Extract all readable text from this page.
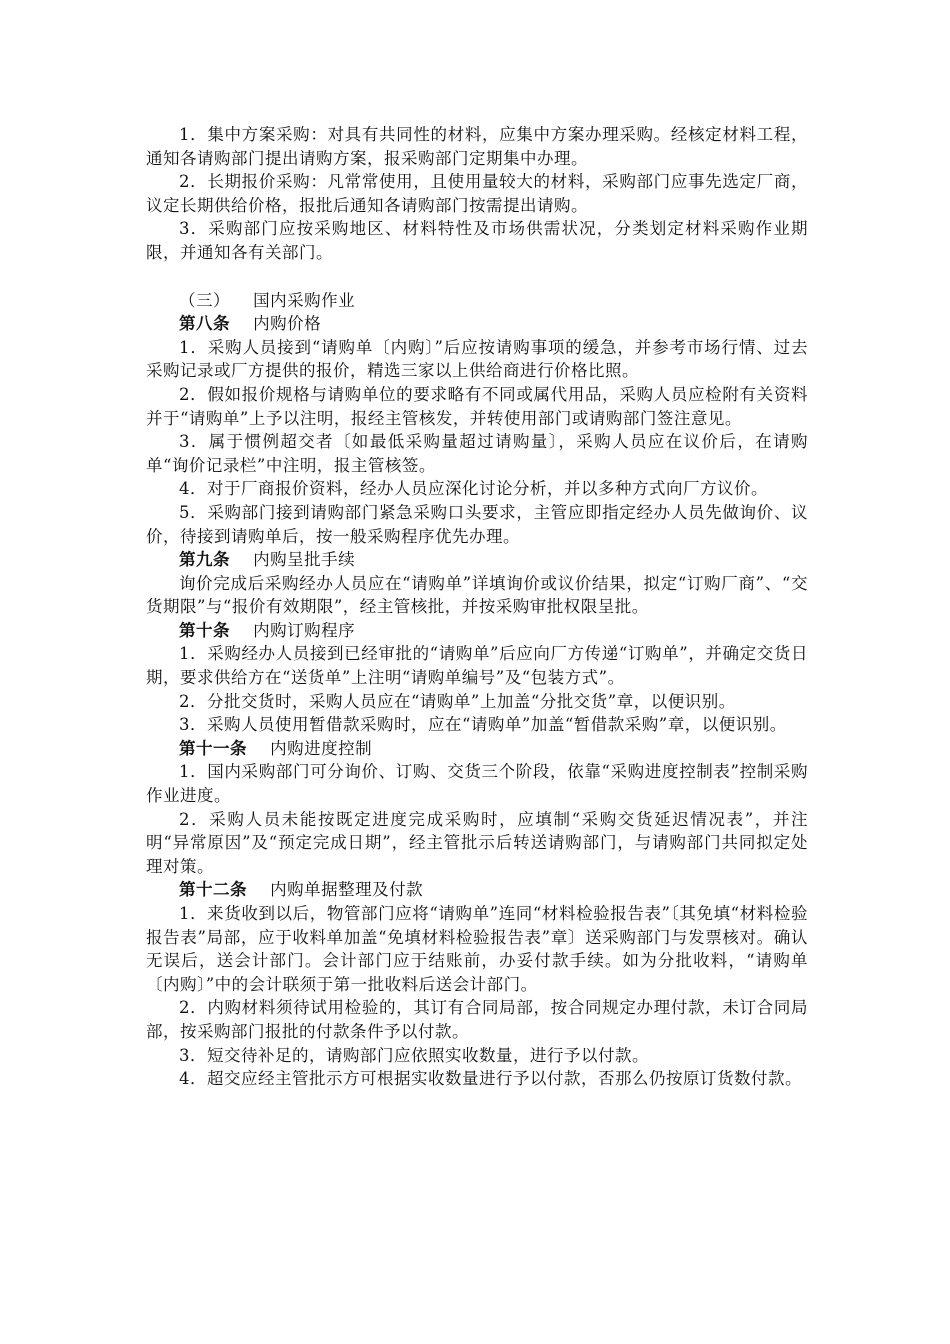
1．集中方案采购：对具有共同性的材料，应集中方案办理采购。经核定材料工程，通知各请购部门提出请购方案，报采购部门定期集中办理。

2．长期报价采购：凡常常使用，且使用量较大的材料，采购部门应事先选定厂商，议定长期供给价格，报批后通知各请购部门按需提出请购。

3．采购部门应按采购地区、材料特性及市场供需状况，分类划定材料采购作业期限，并通知各有关部门。

（三） 国内采购作业

第八条 内购价格

1．采购人员接到“请购单〔内购〕”后应按请购事项的缓急，并参考市场行情、过去采购记录或厂方提供的报价，精选三家以上供给商进行价格比照。

2．假如报价规格与请购单位的要求略有不同或属代用品，采购人员应检附有关资料并于“请购单”上予以注明，报经主管核发，并转使用部门或请购部门签注意见。

3．属于惯例超交者〔如最低采购量超过请购量〕，采购人员应在议价后，在请购单“询价记录栏”中注明，报主管核签。

4．对于厂商报价资料，经办人员应深化讨论分析，并以多种方式向厂方议价。

5．采购部门接到请购部门紧急采购口头要求，主管应即指定经办人员先做询价、议价，待接到请购单后，按一般采购程序优先办理。

第九条 内购呈批手续

询价完成后采购经办人员应在“请购单”详填询价或议价结果，拟定“订购厂商”、“交货期限”与“报价有效期限”，经主管核批，并按采购审批权限呈批。

第十条 内购订购程序

1．采购经办人员接到已经审批的“请购单”后应向厂方传递“订购单”，并确定交货日期，要求供给方在“送货单”上注明“请购单编号”及“包装方式”。

2．分批交货时，采购人员应在“请购单”上加盖“分批交货”章，以便识别。

3．采购人员使用暂借款采购时，应在“请购单”加盖“暂借款采购”章，以便识别。

第十一条 内购进度控制

1．国内采购部门可分询价、订购、交货三个阶段，依靠“采购进度控制表”控制采购作业进度。

2．采购人员未能按既定进度完成采购时，应填制“采购交货延迟情况表”，并注明“异常原因”及“预定完成日期”，经主管批示后转送请购部门，与请购部门共同拟定处理对策。

第十二条 内购单据整理及付款

1．来货收到以后，物管部门应将“请购单”连同“材料检验报告表”〔其免填“材料检验报告表”局部，应于收料单加盖“免填材料检验报告表”章〕送采购部门与发票核对。确认无误后，送会计部门。会计部门应于结账前，办妥付款手续。如为分批收料，“请购单〔内购〕”中的会计联须于第一批收料后送会计部门。

2．内购材料须待试用检验的，其订有合同局部，按合同规定办理付款，未订合同局部，按采购部门报批的付款条件予以付款。

3．短交待补足的，请购部门应依照实收数量，进行予以付款。

4．超交应经主管批示方可根据实收数量进行予以付款，否那么仍按原订货数付款。
